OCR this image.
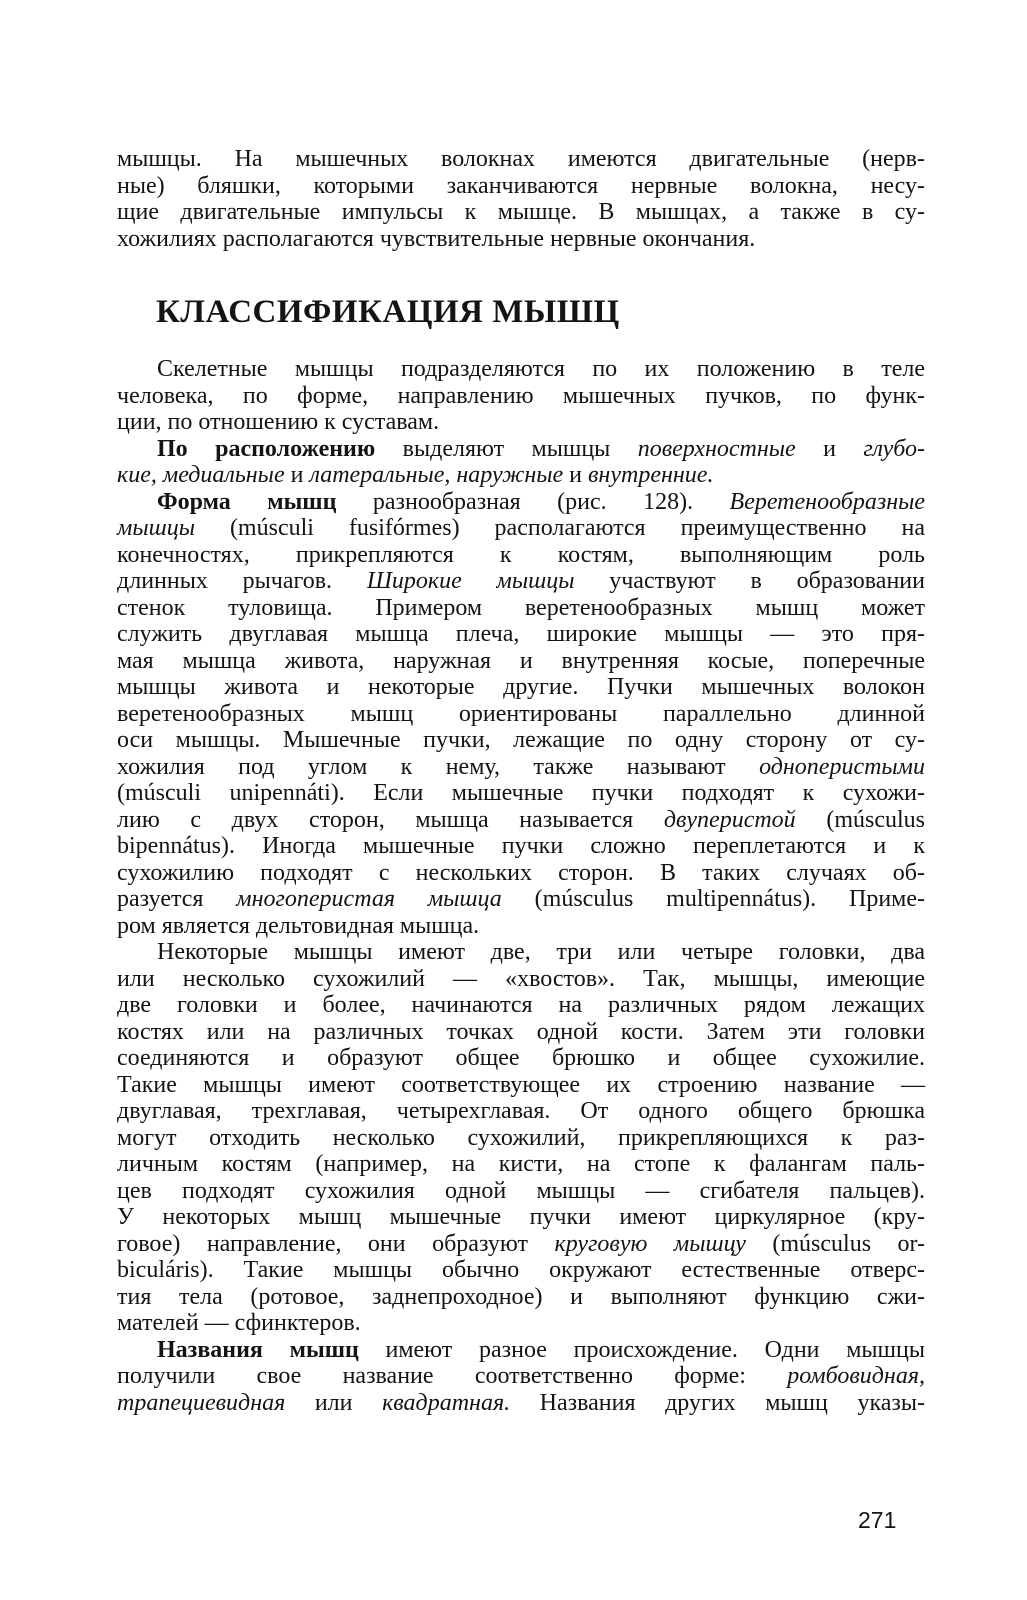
мышцы. На мышечных волокнах имеются двигательные (нерв-
ные) бляшки, которыми заканчиваются нервные волокна, несу-
щие двигательные импульсы к мышце. В мышцах, а также в су-
хожилиях располагаются чувствительные нервные окончания.
КЛАССИФИКАЦИЯ МЫШЦ
Скелетные мышцы подразделяются по их положению в теле
человека, по форме, направлению мышечных пучков, по функ-
ции, по отношению к суставам.
По расположению выделяют мышцы поверхностные и глубо-
кие, медиальные и латеральные, наружные и внутренние.
Форма мышц разнообразная (рис. 128). Веретенообразные
мышцы (músculi fusifórmes) располагаются преимущественно на
конечностях, прикрепляются к костям, выполняющим роль
длинных рычагов. Широкие мышцы участвуют в образовании
стенок туловища. Примером веретенообразных мышц может
служить двуглавая мышца плеча, широкие мышцы — это пря-
мая мышца живота, наружная и внутренняя косые, поперечные
мышцы живота и некоторые другие. Пучки мышечных волокон
веретенообразных мышц ориентированы параллельно длинной
оси мышцы. Мышечные пучки, лежащие по одну сторону от су-
хожилия под углом к нему, также называют одноперистыми
(músculi unipennáti). Если мышечные пучки подходят к сухожи-
лию с двух сторон, мышца называется двуперистой (músculus
bipennátus). Иногда мышечные пучки сложно переплетаются и к
сухожилию подходят с нескольких сторон. В таких случаях об-
разуется многоперистая мышца (músculus multipennátus). Приме-
ром является дельтовидная мышца.
Некоторые мышцы имеют две, три или четыре головки, два
или несколько сухожилий — «хвостов». Так, мышцы, имеющие
две головки и более, начинаются на различных рядом лежащих
костях или на различных точках одной кости. Затем эти головки
соединяются и образуют общее брюшко и общее сухожилие.
Такие мышцы имеют соответствующее их строению название —
двуглавая, трехглавая, четырехглавая. От одного общего брюшка
могут отходить несколько сухожилий, прикрепляющихся к раз-
личным костям (например, на кисти, на стопе к фалангам паль-
цев подходят сухожилия одной мышцы — сгибателя пальцев).
У некоторых мышц мышечные пучки имеют циркулярное (кру-
говое) направление, они образуют круговую мышцу (músculus or-
biculáris). Такие мышцы обычно окружают естественные отверс-
тия тела (ротовое, заднепроходное) и выполняют функцию сжи-
мателей — сфинктеров.
Названия мышц имеют разное происхождение. Одни мышцы
получили свое название соответственно форме: ромбовидная,
трапециевидная или квадратная. Названия других мышц указы-
271
